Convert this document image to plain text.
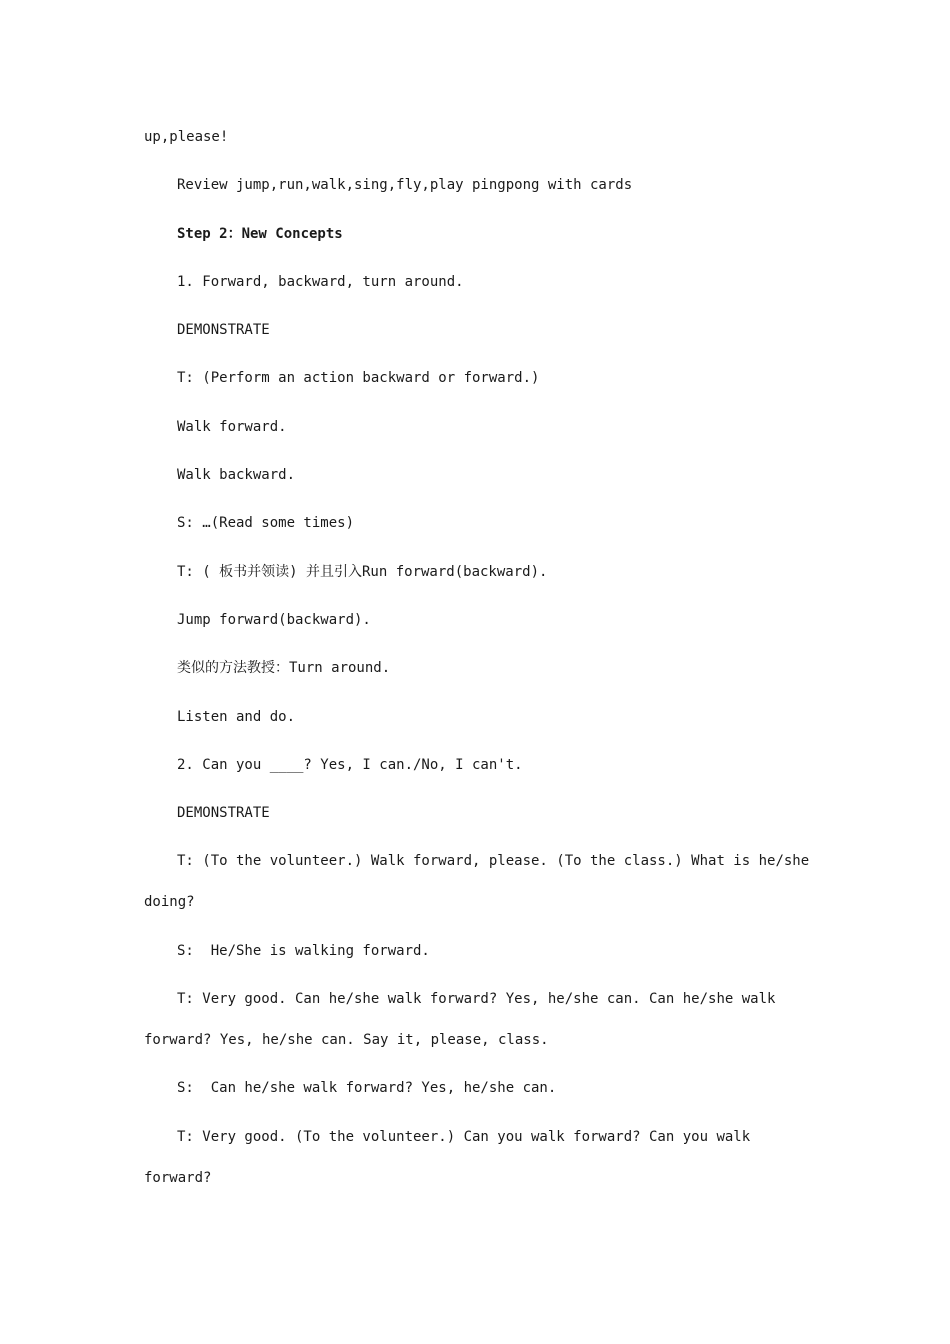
up,please!
Review jump,run,walk,sing,fly,play pingpong with cards
Step 2：New Concepts
1. Forward, backward, turn around.
DEMONSTRATE
T: (Perform an action backward or forward.)
Walk forward.
Walk backward.
S: …(Read some times)
T: ( 板书并领读) 并且引入Run forward(backward).
Jump forward(backward).
类似的方法教授：Turn around.
Listen and do.
2. Can you ____? Yes, I can./No, I can't.
DEMONSTRATE
T: (To the volunteer.) Walk forward, please. (To the class.) What is he/she
doing?
S:  He/She is walking forward.
T: Very good. Can he/she walk forward? Yes, he/she can. Can he/she walk
forward? Yes, he/she can. Say it, please, class.
S:  Can he/she walk forward? Yes, he/she can.
T: Very good. (To the volunteer.) Can you walk forward? Can you walk
forward?
